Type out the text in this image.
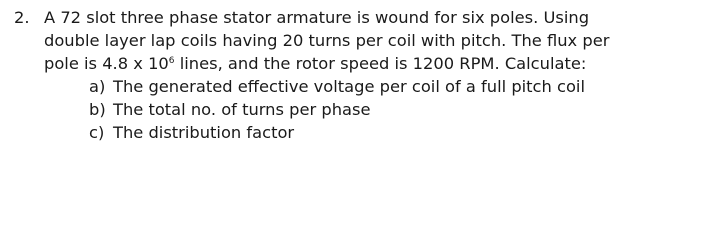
2. A 72 slot three phase stator armature is wound for six poles. Using
double layer lap coils having 20 turns per coil with pitch. The flux per
pole is 4.8 x $10^6$ lines, and the rotor speed is 1200 RPM. Calculate:
a) The generated effective voltage per coil of a full pitch coil
b) The total no. of turns per phase
c) The distribution factor
